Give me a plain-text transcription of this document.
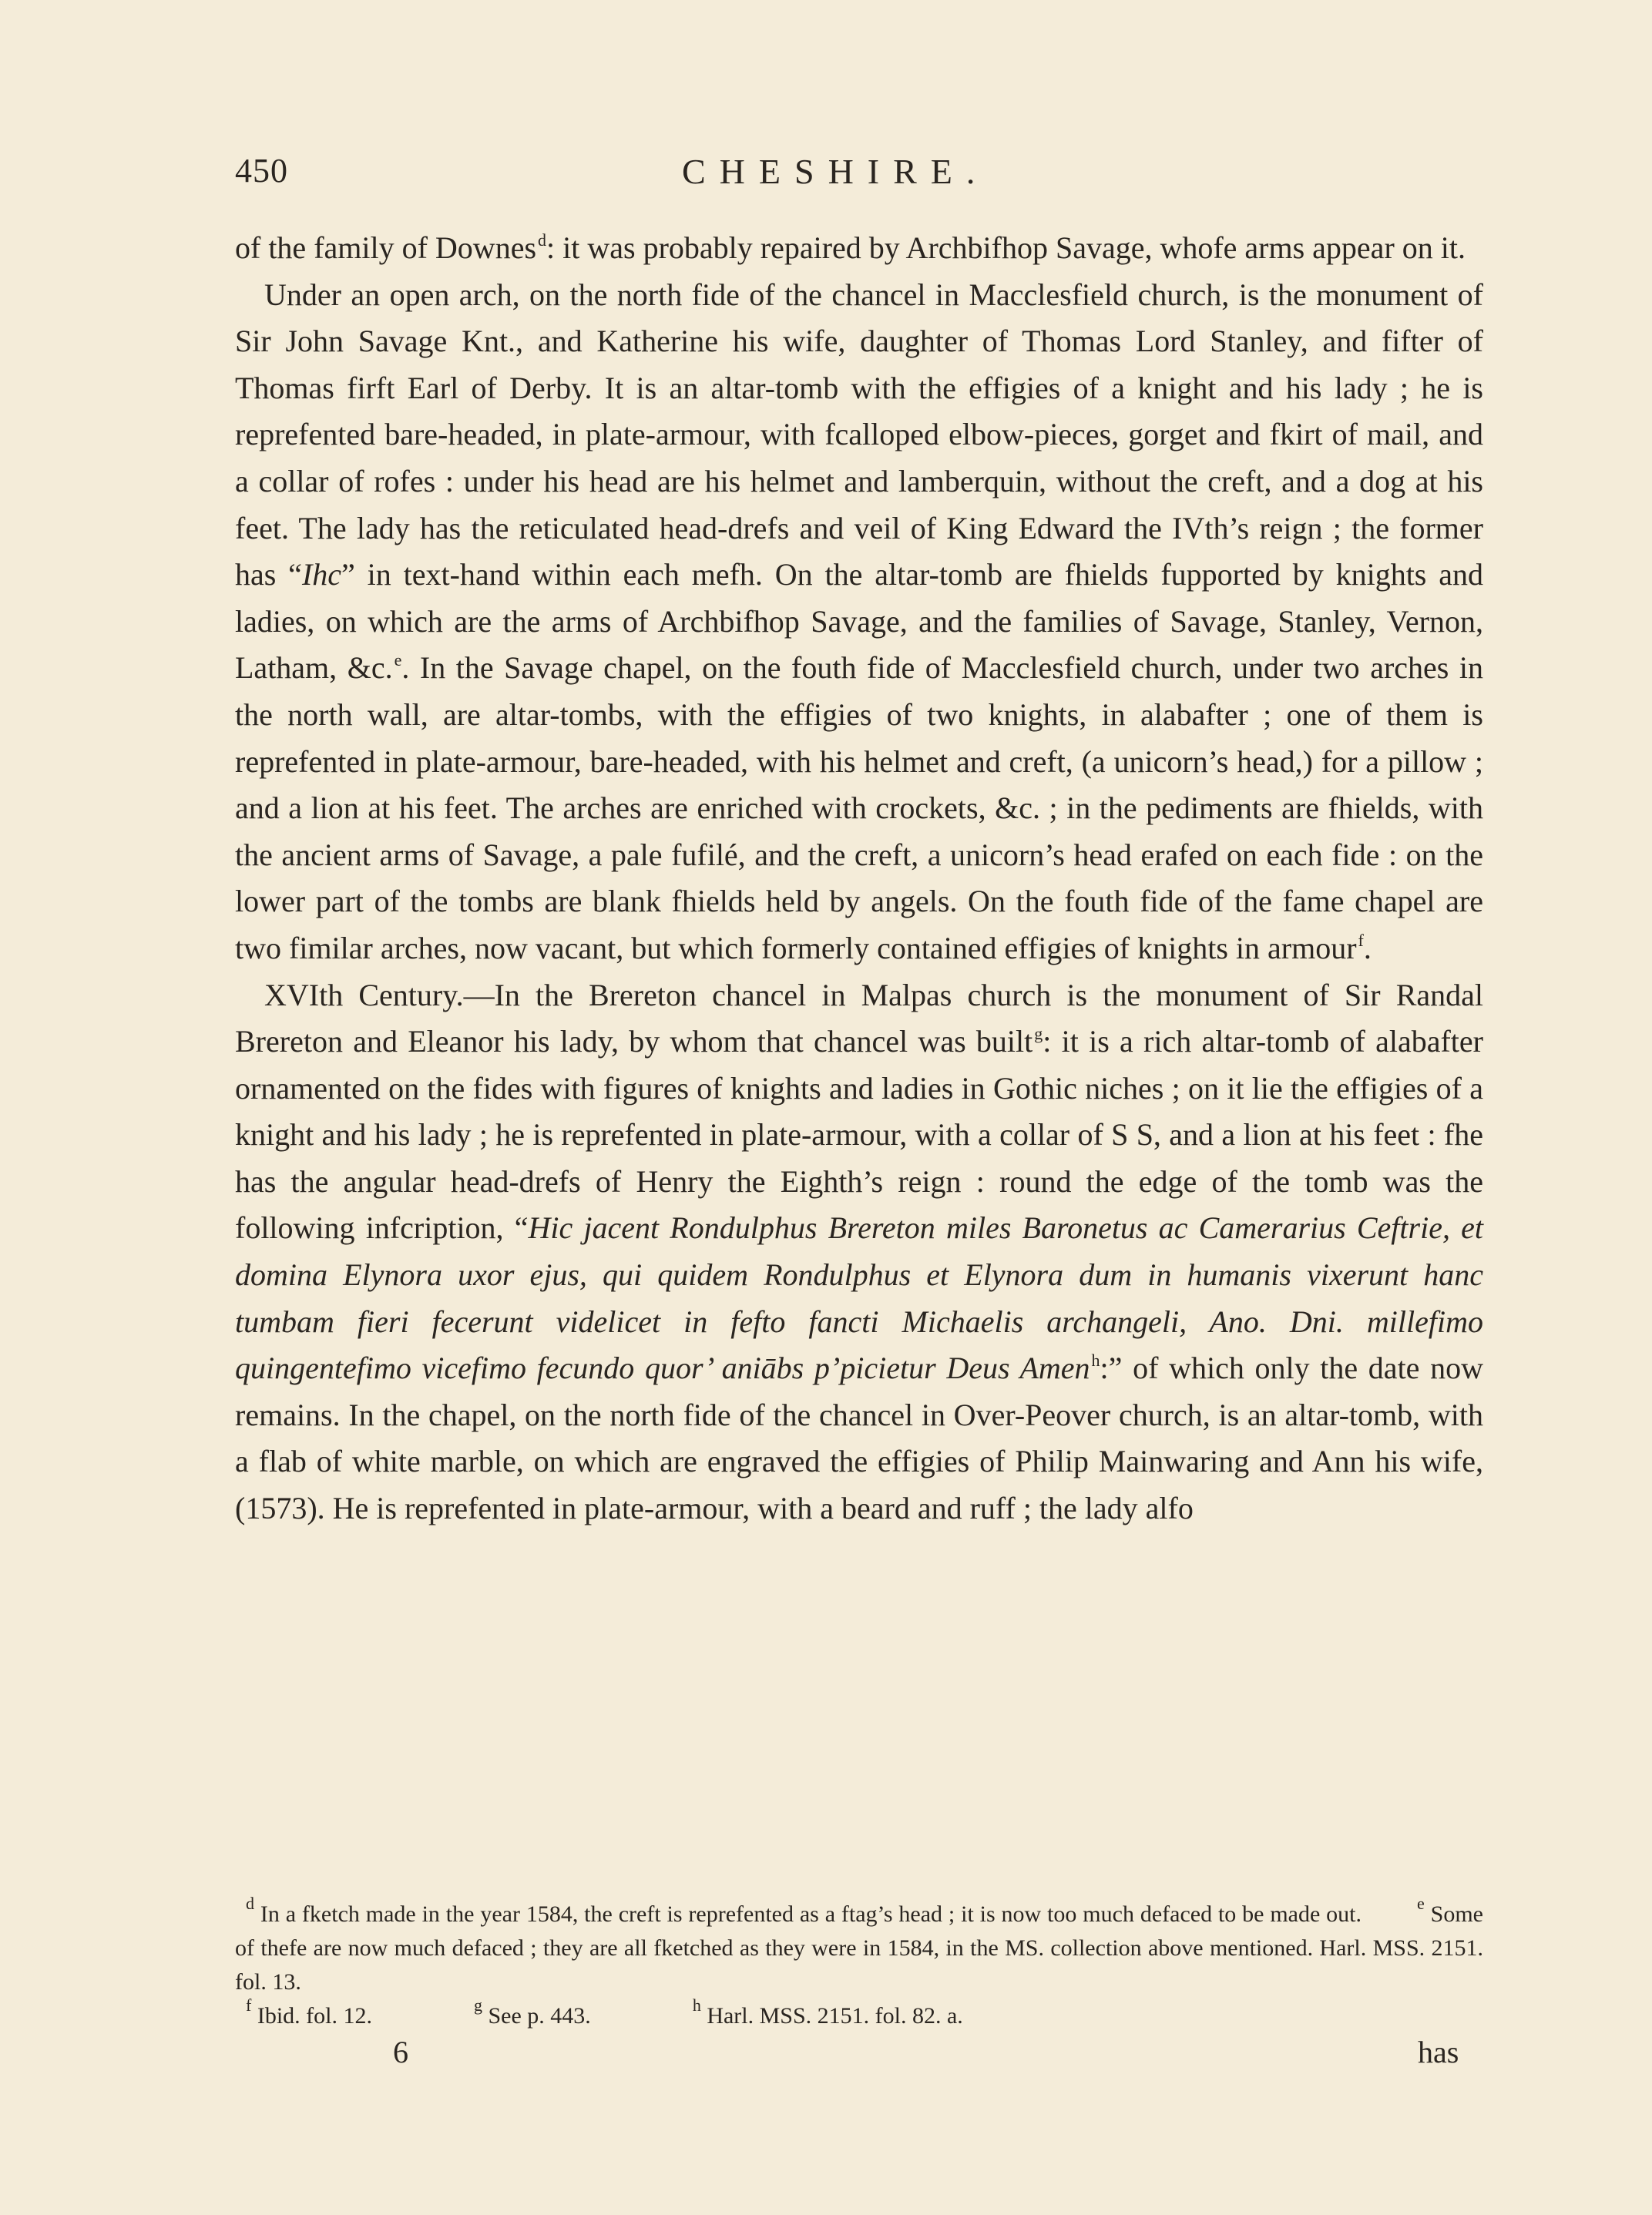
450	CHESHIRE.

of the family of Downes$^d$: it was probably repaired by Archbifhop Savage, whofe arms appear on it.

Under an open arch, on the north fide of the chancel in Macclesfield church, is the monument of Sir John Savage Knt., and Katherine his wife, daughter of Thomas Lord Stanley, and fifter of Thomas firft Earl of Derby. It is an altar-tomb with the effigies of a knight and his lady ; he is reprefented bare-headed, in plate-armour, with fcalloped elbow-pieces, gorget and fkirt of mail, and a collar of rofes : under his head are his helmet and lamberquin, without the creft, and a dog at his feet. The lady has the reticulated head-drefs and veil of King Edward the IVth’s reign ; the former has “Ihc” in text-hand within each mefh. On the altar-tomb are fhields fupported by knights and ladies, on which are the arms of Archbifhop Savage, and the families of Savage, Stanley, Vernon, Latham, &c.$^e$. In the Savage chapel, on the fouth fide of Macclesfield church, under two arches in the north wall, are altar-tombs, with the effigies of two knights, in alabafter ; one of them is reprefented in plate-armour, bare-headed, with his helmet and creft, (a unicorn’s head,) for a pillow ; and a lion at his feet. The arches are enriched with crockets, &c. ; in the pediments are fhields, with the ancient arms of Savage, a pale fufilé, and the creft, a unicorn’s head erafed on each fide : on the lower part of the tombs are blank fhields held by angels. On the fouth fide of the fame chapel are two fimilar arches, now vacant, but which formerly contained effigies of knights in armour$^f$.

XVIth Century.—In the Brereton chancel in Malpas church is the monument of Sir Randal Brereton and Eleanor his lady, by whom that chancel was built$^g$: it is a rich altar-tomb of alabafter ornamented on the fides with figures of knights and ladies in Gothic niches ; on it lie the effigies of a knight and his lady ; he is reprefented in plate-armour, with a collar of S S, and a lion at his feet : fhe has the angular head-drefs of Henry the Eighth’s reign : round the edge of the tomb was the following infcription, “Hic jacent Rondulphus Brereton miles Baronetus ac Camerarius Ceftrie, et domina Elynora uxor ejus, qui quidem Rondulphus et Elynora dum in humanis vixerunt hanc tumbam fieri fecerunt videlicet in fefto fancti Michaelis archangeli, Ano. Dni. millefimo quingentefimo vicefimo fecundo quor’ aniābs p’picietur Deus Amen$^h$:” of which only the date now remains. In the chapel, on the north fide of the chancel in Over-Peover church, is an altar-tomb, with a flab of white marble, on which are engraved the effigies of Philip Mainwaring and Ann his wife, (1573). He is reprefented in plate-armour, with a beard and ruff ; the lady alfo

$^d$ In a fketch made in the year 1584, the creft is reprefented as a ftag’s head ; it is now too much defaced to be made out.	$^e$ Some of thefe are now much defaced ; they are all fketched as they were in 1584, in the MS. collection above mentioned. Harl. MSS. 2151. fol. 13.

$^f$ Ibid. fol. 12.	$^g$ See p. 443.	$^h$ Harl. MSS. 2151. fol. 82. a.

6	has
